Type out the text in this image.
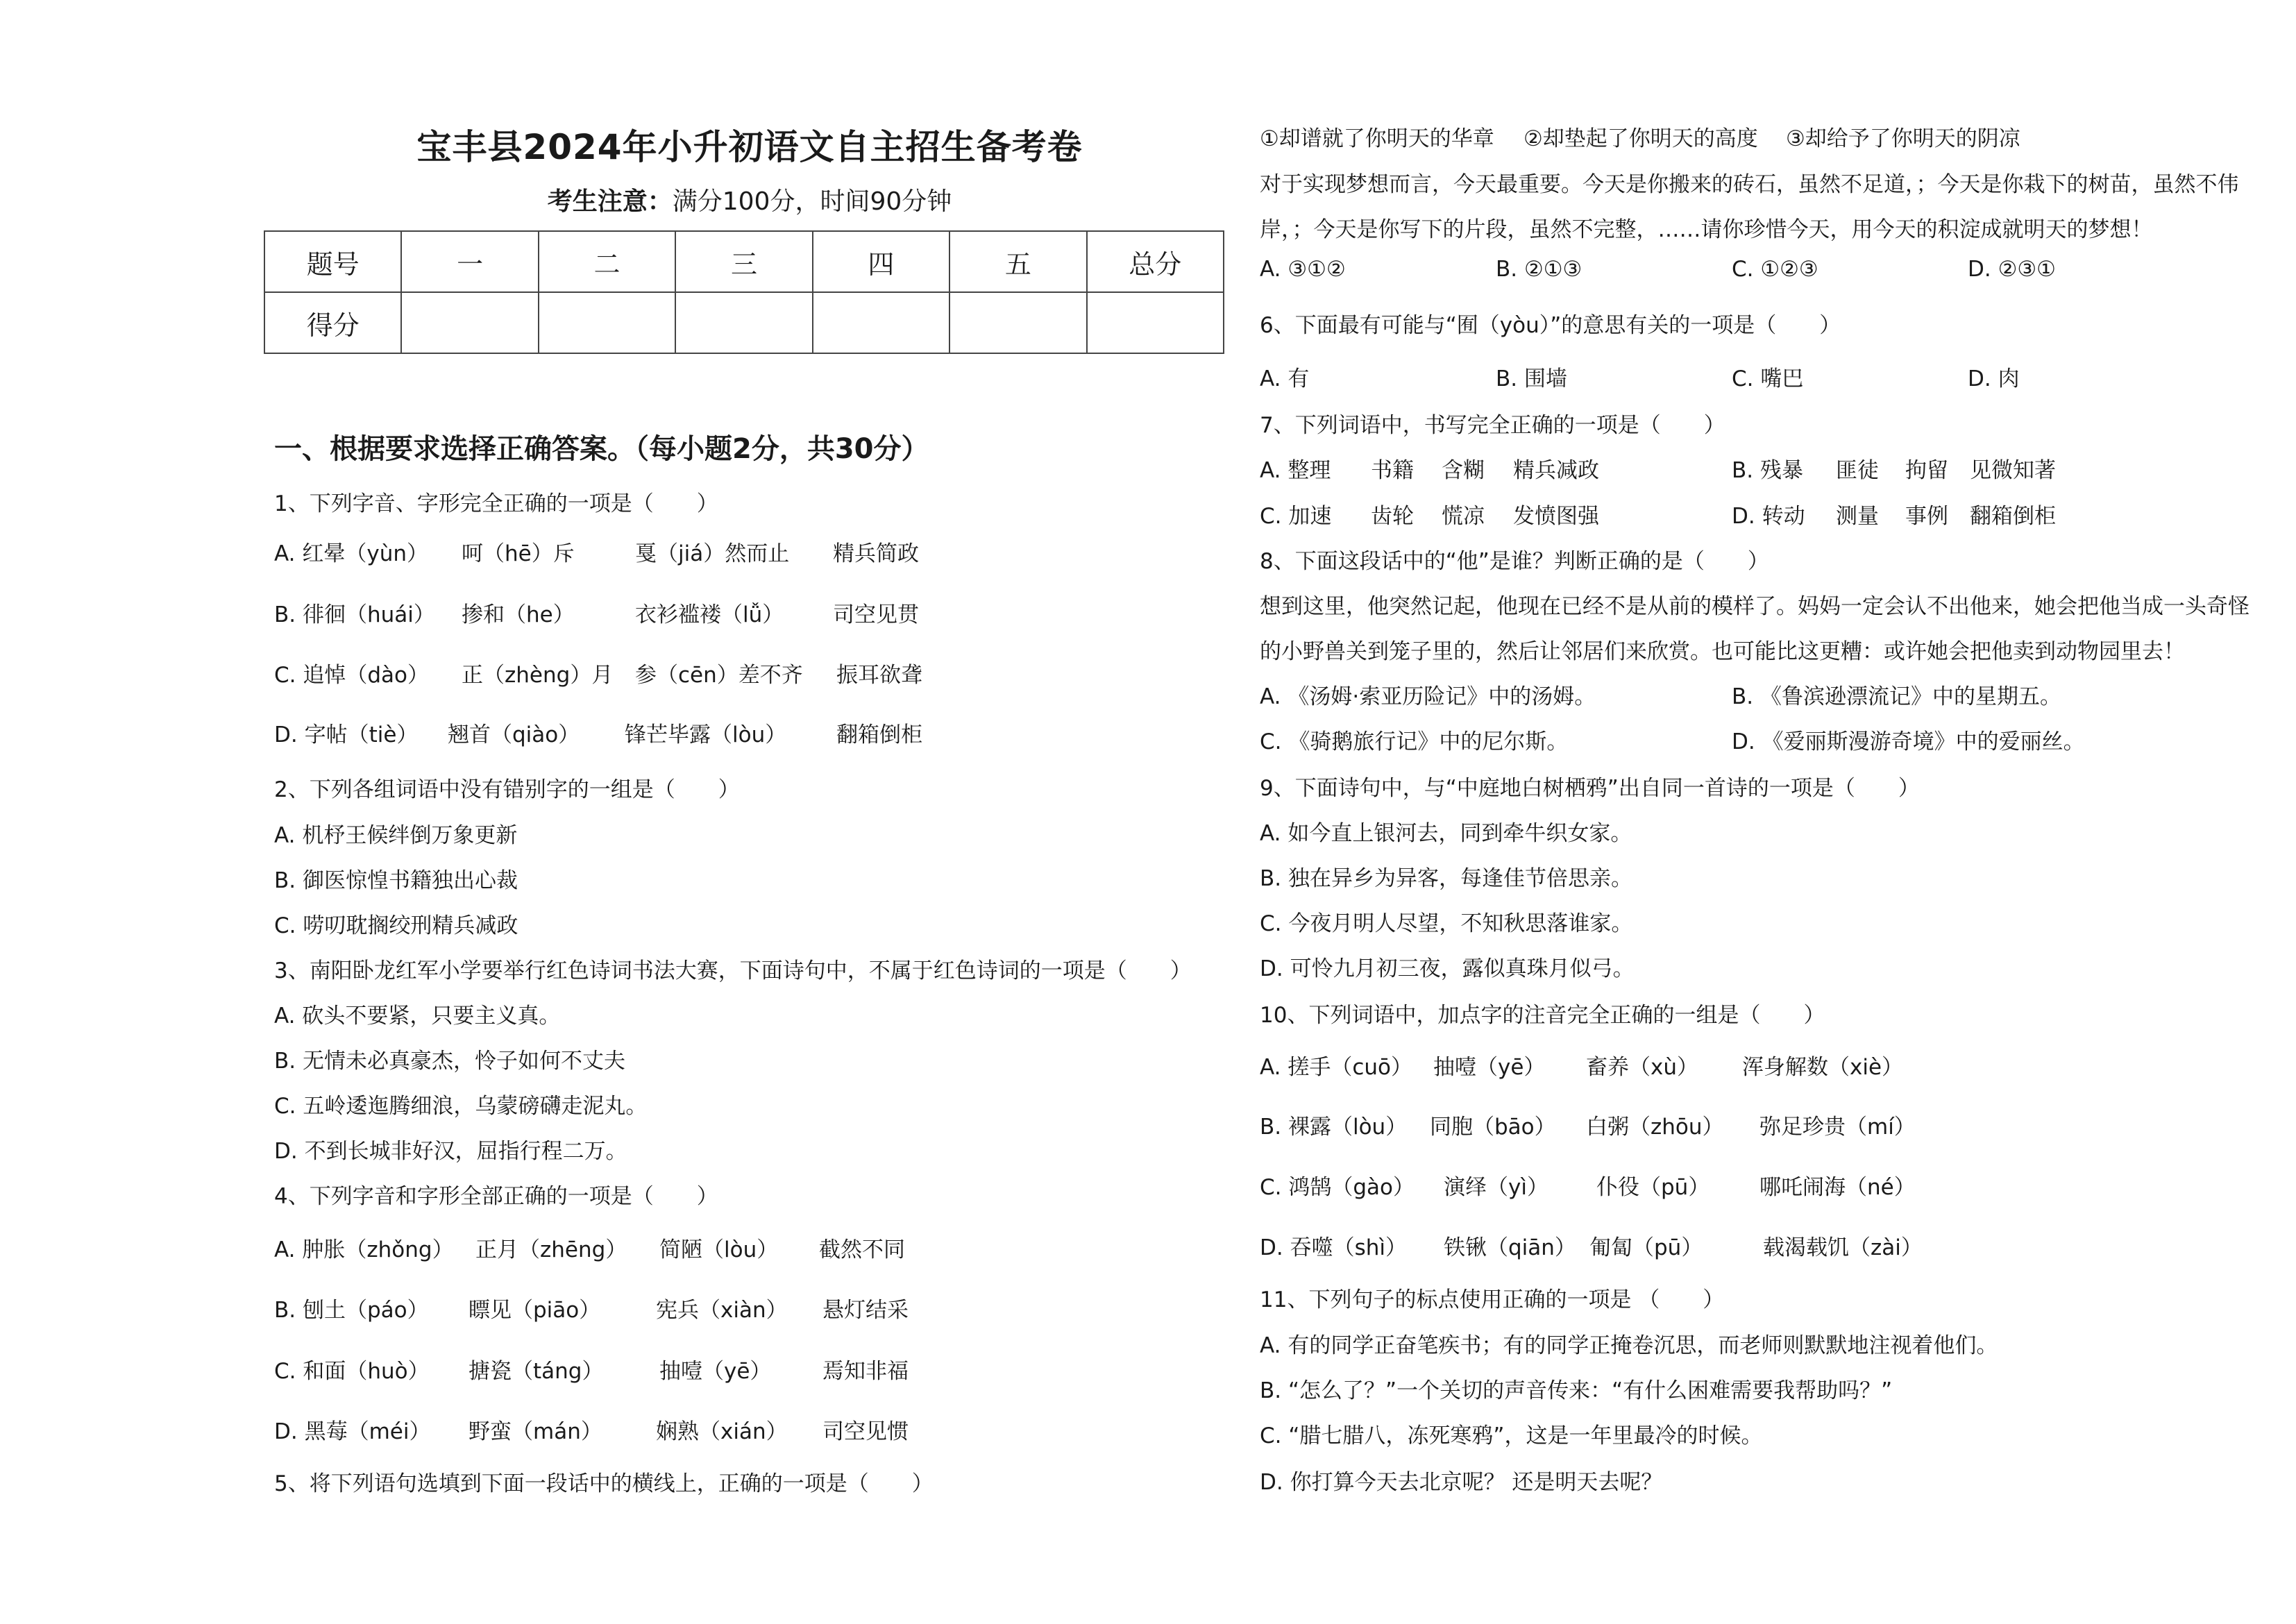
宝丰县2024年小升初语文自主招生备考卷
考生注意：满分100分，时间90分钟
题号	一	二	三	四	五	总分
得分						
一、根据要求选择正确答案。（每小题2分，共30分）
1、下列字音、字形完全正确的一项是（　　）
A. 红晕（yùn） 呵（hē）斥	戛（jiá）然而止 精兵简政
B. 徘徊（huái） 掺和（he）	衣衫褴褛（lǚ） 司空见贯
C. 追悼（dào） 正（zhèng）月 参（cēn）差不齐 振耳欲聋
D. 字帖（tiè） 翘首（qiào） 锋芒毕露（lòu） 翻箱倒柜
2、下列各组词语中没有错别字的一组是（　　）
A. 机杼王候绊倒万象更新
B. 御医惊惶书籍独出心裁
C. 唠叨耽搁绞刑精兵减政
3、南阳卧龙红军小学要举行红色诗词书法大赛，下面诗句中，不属于红色诗词的一项是（　　）
A. 砍头不要紧，只要主义真。
B. 无情未必真豪杰，怜子如何不丈夫
C. 五岭逶迤腾细浪，乌蒙磅礴走泥丸。
D. 不到长城非好汉，屈指行程二万。
4、下列字音和字形全部正确的一项是（　　）
A. 肿胀（zhǒng） 正月（zhēng） 简陋（lòu） 截然不同
B. 刨土（páo） 瞟见（piāo）	宪兵（xiàn） 悬灯结采
C. 和面（huò） 搪瓷（táng）	抽噎（yē） 焉知非福
D. 黑莓（méi） 野蛮（mán） 娴熟（xián） 司空见惯
5、将下列语句选填到下面一段话中的横线上，正确的一项是（　　）
①却谱就了你明天的华章 ②却垫起了你明天的高度 ③却给予了你明天的阴凉
对于实现梦想而言，今天最重要。今天是你搬来的砖石，虽然不足道，；今天是你栽下的树苗，虽然不伟
岸，；今天是你写下的片段，虽然不完整，……请你珍惜今天，用今天的积淀成就明天的梦想！
A. ③①②	B. ②①③	C. ①②③	D. ②③①
6、下面最有可能与“囿（yòu）”的意思有关的一项是（　　）
A. 有	B. 围墙	C. 嘴巴	D. 肉
7、下列词语中，书写完全正确的一项是（　　）
A. 整理 书籍 含糊 精兵减政	B. 残暴 匪徒 拘留 见微知著
C. 加速 齿轮 慌凉 发愤图强	D. 转动 测量 事例 翻箱倒柜
8、下面这段话中的“他”是谁？判断正确的是（　　）
想到这里，他突然记起，他现在已经不是从前的模样了。妈妈一定会认不出他来，她会把他当成一头奇怪
的小野兽关到笼子里的，然后让邻居们来欣赏。也可能比这更糟：或许她会把他卖到动物园里去！
A. 《汤姆·索亚历险记》中的汤姆。	B. 《鲁滨逊漂流记》中的星期五。
C. 《骑鹅旅行记》中的尼尔斯。	D. 《爱丽斯漫游奇境》中的爱丽丝。
9、下面诗句中，与“中庭地白树栖鸦”出自同一首诗的一项是（　　）
A. 如今直上银河去，同到牵牛织女家。
B. 独在异乡为异客，每逢佳节倍思亲。
C. 今夜月明人尽望，不知秋思落谁家。
D. 可怜九月初三夜，露似真珠月似弓。
10、下列词语中，加点字的注音完全正确的一组是（　　）
A. 搓手（cuō） 抽噎（yē） 畜养（xù） 浑身解数（xiè）
B. 裸露（lòu） 同胞（bāo） 白粥（zhōu） 弥足珍贵（mí）
C. 鸿鹄（gào） 演绎（yì） 仆役（pū） 哪吒闹海（né）
D. 吞噬（shì） 铁锹（qiān） 匍匐（pū）	载渴载饥（zài）
11、下列句子的标点使用正确的一项是 （　　）
A. 有的同学正奋笔疾书；有的同学正掩卷沉思，而老师则默默地注视着他们。
B. “怎么了？”一个关切的声音传来：“有什么困难需要我帮助吗？”
C. “腊七腊八，冻死寒鸦”，这是一年里最冷的时候。
D. 你打算今天去北京呢？ 还是明天去呢？
